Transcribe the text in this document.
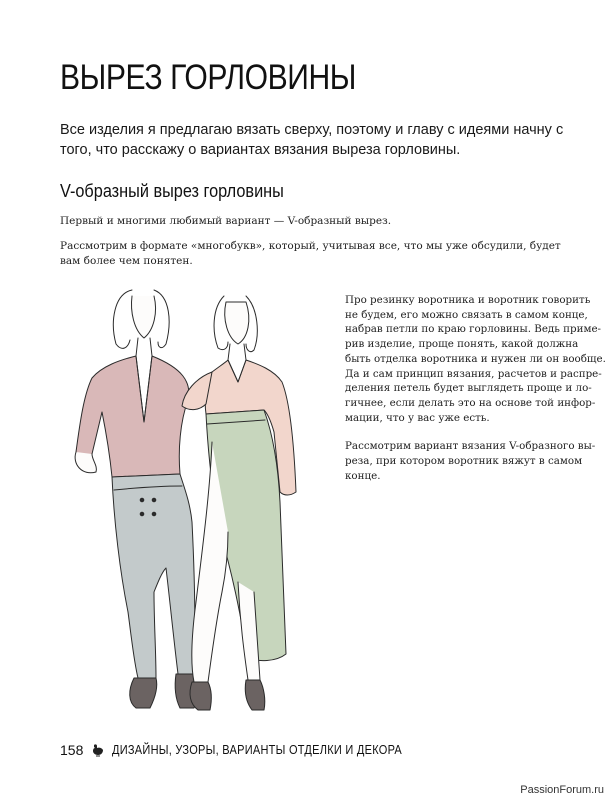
ВЫРЕЗ ГОРЛОВИНЫ

Все изделия я предлагаю вязать сверху, поэтому и главу с идеями начну с того, что расскажу о вариантах вязания выреза горловины.

V-образный вырез горловины

Первый и многими любимый вариант — V-образный вырез.

Рассмотрим в формате «многобукв», который, учитывая все, что мы уже обсудили, будет вам более чем понятен.

Про резинку воротника и воротник говорить
не будем, его можно связать в самом конце,
набрав петли по краю горловины. Ведь приме-
рив изделие, проще понять, какой должна
быть отделка воротника и нужен ли он вообще.
Да и сам принцип вязания, расчетов и распре-
деления петель будет выглядеть проще и ло-
гичнее, если делать это на основе той инфор-
мации, что у вас уже есть.

Рассмотрим вариант вязания V-образного вы-
реза, при котором воротник вяжут в самом
конце.

158 ДИЗАЙНЫ, УЗОРЫ, ВАРИАНТЫ ОТДЕЛКИ И ДЕКОРА
PassionForum.ru
